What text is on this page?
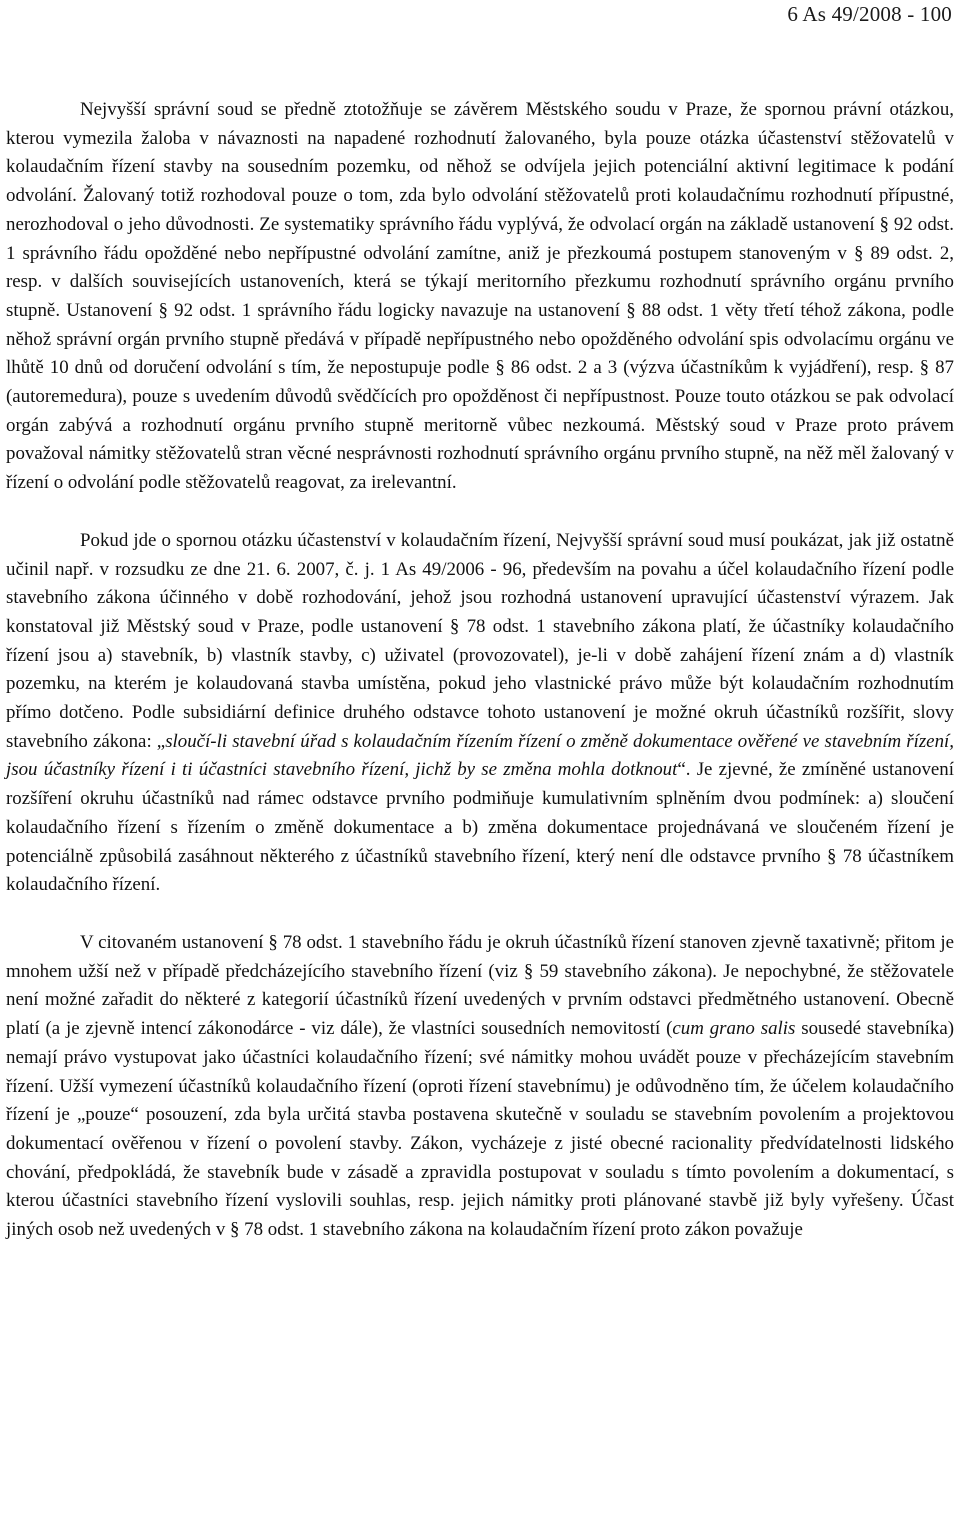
6 As 49/2008 - 100

Nejvyšší správní soud se předně ztotožňuje se závěrem Městského soudu v Praze, že spornou právní otázkou, kterou vymezila žaloba v návaznosti na napadené rozhodnutí žalovaného, byla pouze otázka účastenství stěžovatelů v kolaudačním řízení stavby na sousedním pozemku, od něhož se odvíjela jejich potenciální aktivní legitimace k podání odvolání. Žalovaný totiž rozhodoval pouze o tom, zda bylo odvolání stěžovatelů proti kolaudačnímu rozhodnutí přípustné, nerozhodoval o jeho důvodnosti. Ze systematiky správního řádu vyplývá, že odvolací orgán na základě ustanovení § 92 odst. 1 správního řádu opožděné nebo nepřípustné odvolání zamítne, aniž je přezkoumá postupem stanoveným v § 89 odst. 2, resp. v dalších souvisejících ustanoveních, která se týkají meritorního přezkumu rozhodnutí správního orgánu prvního stupně. Ustanovení § 92 odst. 1 správního řádu logicky navazuje na ustanovení § 88 odst. 1 věty třetí téhož zákona, podle něhož správní orgán prvního stupně předává v případě nepřípustného nebo opožděného odvolání spis odvolacímu orgánu ve lhůtě 10 dnů od doručení odvolání s tím, že nepostupuje podle § 86 odst. 2 a 3 (výzva účastníkům k vyjádření), resp. § 87 (autoremedura), pouze s uvedením důvodů svědčících pro opožděnost či nepřípustnost. Pouze touto otázkou se pak odvolací orgán zabývá a rozhodnutí orgánu prvního stupně meritorně vůbec nezkoumá. Městský soud v Praze proto právem považoval námitky stěžovatelů stran věcné nesprávnosti rozhodnutí správního orgánu prvního stupně, na něž měl žalovaný v řízení o odvolání podle stěžovatelů reagovat, za irelevantní.

Pokud jde o spornou otázku účastenství v kolaudačním řízení, Nejvyšší správní soud musí poukázat, jak již ostatně učinil např. v rozsudku ze dne 21. 6. 2007, č. j. 1 As 49/2006 - 96, především na povahu a účel kolaudačního řízení podle stavebního zákona účinného v době rozhodování, jehož jsou rozhodná ustanovení upravující účastenství výrazem. Jak konstatoval již Městský soud v Praze, podle ustanovení § 78 odst. 1 stavebního zákona platí, že účastníky kolaudačního řízení jsou a) stavebník, b) vlastník stavby, c) uživatel (provozovatel), je-li v době zahájení řízení znám a d) vlastník pozemku, na kterém je kolaudovaná stavba umístěna, pokud jeho vlastnické právo může být kolaudačním rozhodnutím přímo dotčeno. Podle subsidiární definice druhého odstavce tohoto ustanovení je možné okruh účastníků rozšířit, slovy stavebního zákona: „sloučí-li stavební úřad s kolaudačním řízením řízení o změně dokumentace ověřené ve stavebním řízení, jsou účastníky řízení i ti účastníci stavebního řízení, jichž by se změna mohla dotknout“. Je zjevné, že zmíněné ustanovení rozšíření okruhu účastníků nad rámec odstavce prvního podmiňuje kumulativním splněním dvou podmínek: a) sloučení kolaudačního řízení s řízením o změně dokumentace a b) změna dokumentace projednávaná ve sloučeném řízení je potenciálně způsobilá zasáhnout některého z účastníků stavebního řízení, který není dle odstavce prvního § 78 účastníkem kolaudačního řízení.

V citovaném ustanovení § 78 odst. 1 stavebního řádu je okruh účastníků řízení stanoven zjevně taxativně; přitom je mnohem užší než v případě předcházejícího stavebního řízení (viz § 59 stavebního zákona). Je nepochybné, že stěžovatele není možné zařadit do některé z kategorií účastníků řízení uvedených v prvním odstavci předmětného ustanovení. Obecně platí (a je zjevně intencí zákonodárce - viz dále), že vlastníci sousedních nemovitostí (cum grano salis sousedé stavebníka) nemají právo vystupovat jako účastníci kolaudačního řízení; své námitky mohou uvádět pouze v přecházejícím stavebním řízení. Užší vymezení účastníků kolaudačního řízení (oproti řízení stavebnímu) je odůvodněno tím, že účelem kolaudačního řízení je „pouze“ posouzení, zda byla určitá stavba postavena skutečně v souladu se stavebním povolením a projektovou dokumentací ověřenou v řízení o povolení stavby. Zákon, vycházeje z jisté obecné racionality předvídatelnosti lidského chování, předpokládá, že stavebník bude v zásadě a zpravidla postupovat v souladu s tímto povolením a dokumentací, s kterou účastníci stavebního řízení vyslovili souhlas, resp. jejich námitky proti plánované stavbě již byly vyřešeny. Účast jiných osob než uvedených v § 78 odst. 1 stavebního zákona na kolaudačním řízení proto zákon považuje
